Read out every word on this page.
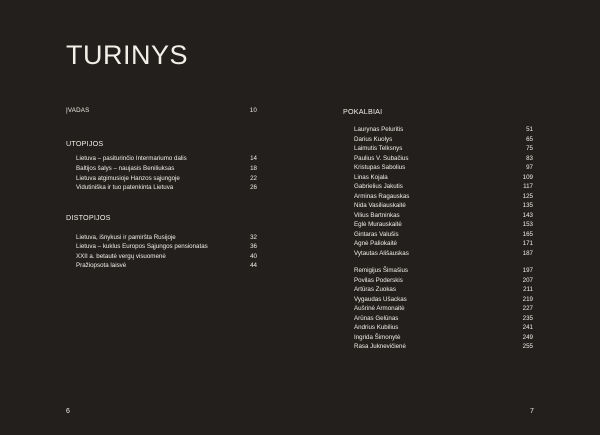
TURINYS
ĮVADAS	10
UTOPIJOS
Lietuva – pasiturinčio Intermariumo dalis	14
Baltijos šalys – naujasis Beniliuksas	18
Lietuva atgimusioje Hanzos sąjungoje	22
Vidutiniška ir tuo patenkinta Lietuva	26
DISTOPIJOS
Lietuva, išnykusi ir pamiršta Rusijoje	32
Lietuva – kuklus Europos Sąjungos pensionatas	36
XXII a. betautė vergų visuomenė	40
Pražiopsota laisvė	44
6
POKALBIAI
Laurynas Peluritis	51
Darius Kuolys	65
Laimutis Telksnys	75
Paulius V. Subačius	83
Kristupas Sabolius	97
Linas Kojala	109
Gabrielius Jakutis	117
Arminas Ragauskas	125
Nida Vasiliauskaitė	135
Vilius Bartninkas	143
Eglė Murauskaitė	153
Gintaras Valušis	165
Agnė Paliokaitė	171
Vytautas Ališauskas	187
Remigijus Šimašius	197
Povilas Poderskis	207
Artūras Zuokas	211
Vygaudas Ušackas	219
Aušrinė Armonaitė	227
Arūnas Gelūnas	235
Andrius Kubilius	241
Ingrida Šimonytė	249
Rasa Juknevičienė	255
7
